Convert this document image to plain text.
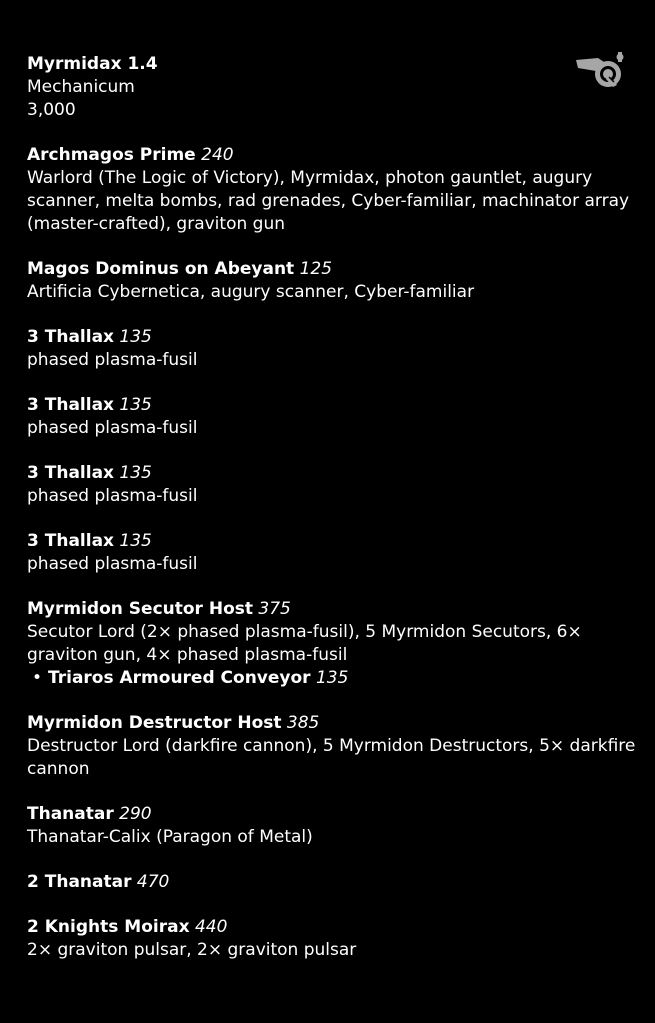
Myrmidax 1.4
Mechanicum
3,000
Archmagos Prime 240
Warlord (The Logic of Victory), Myrmidax, photon gauntlet, augury scanner, melta bombs, rad grenades, Cyber-familiar, machinator array (master-crafted), graviton gun
Magos Dominus on Abeyant 125
Artificia Cybernetica, augury scanner, Cyber-familiar
3 Thallax 135
phased plasma-fusil
3 Thallax 135
phased plasma-fusil
3 Thallax 135
phased plasma-fusil
3 Thallax 135
phased plasma-fusil
Myrmidon Secutor Host 375
Secutor Lord (2× phased plasma-fusil), 5 Myrmidon Secutors, 6× graviton gun, 4× phased plasma-fusil
• Triaros Armoured Conveyor 135
Myrmidon Destructor Host 385
Destructor Lord (darkfire cannon), 5 Myrmidon Destructors, 5× darkfire cannon
Thanatar 290
Thanatar-Calix (Paragon of Metal)
2 Thanatar 470
2 Knights Moirax 440
2× graviton pulsar, 2× graviton pulsar
